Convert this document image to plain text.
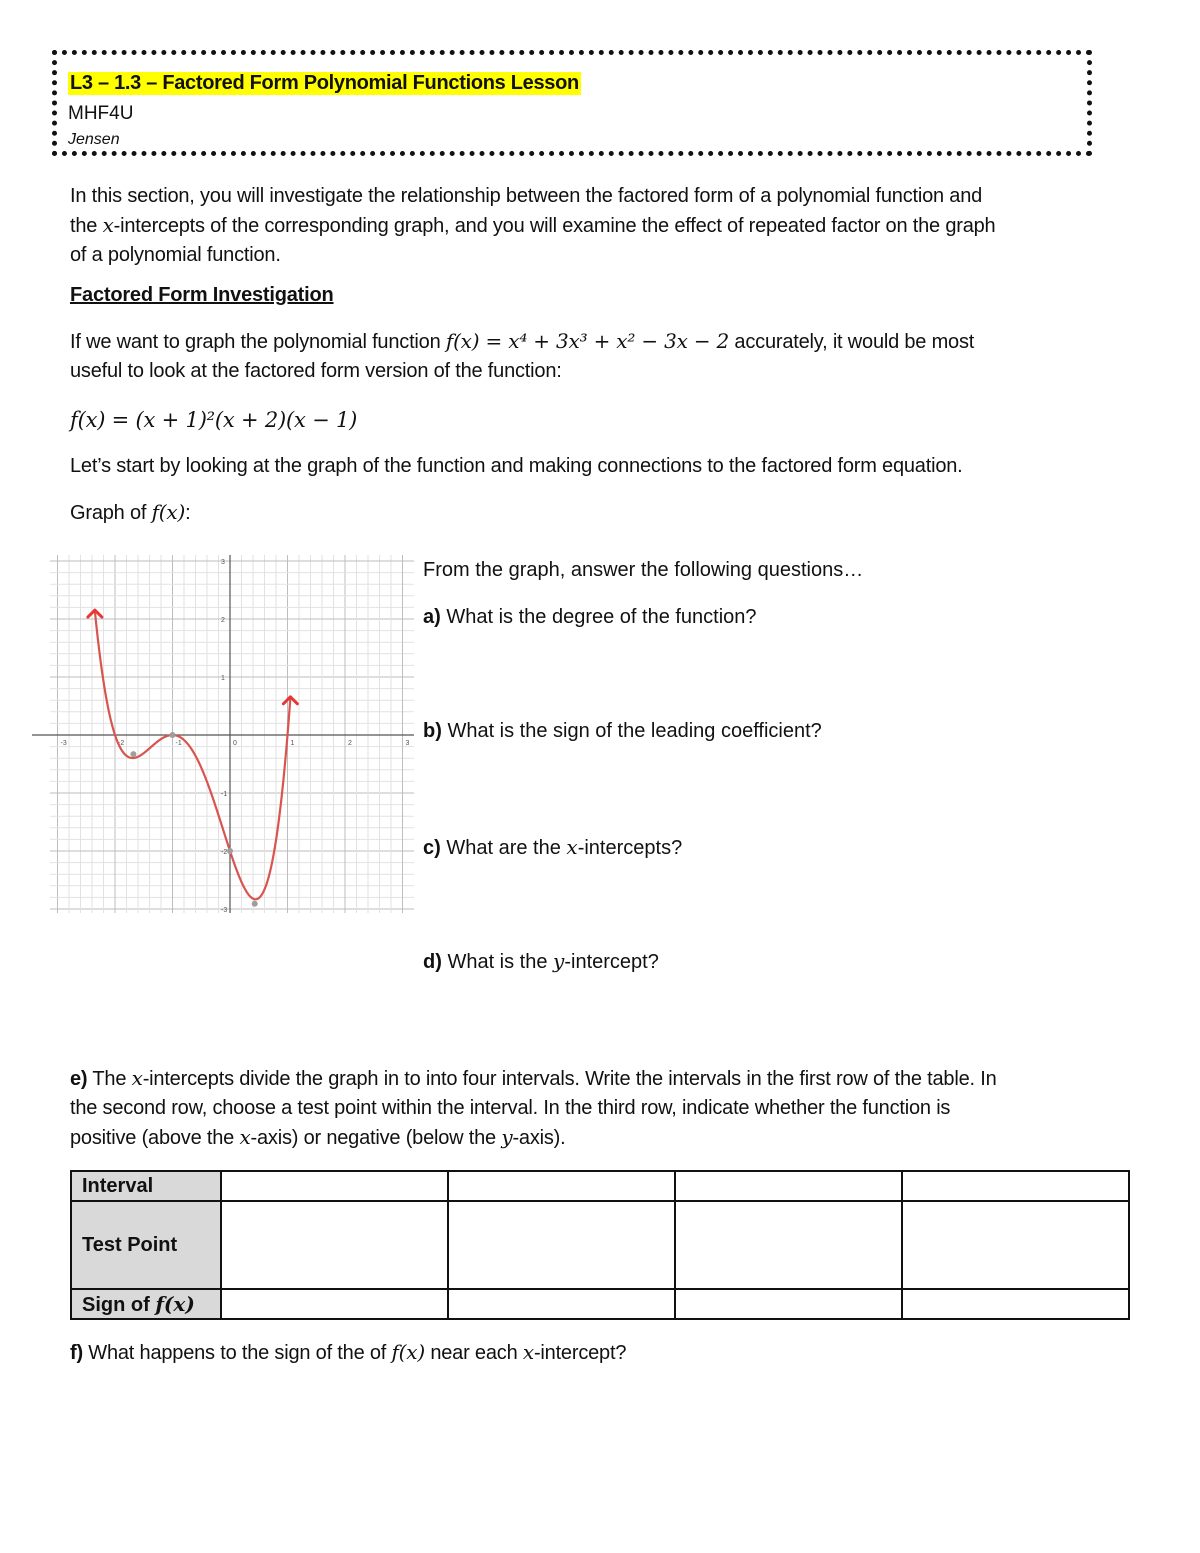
L3 – 1.3 – Factored Form Polynomial Functions Lesson
MHF4U
Jensen
In this section, you will investigate the relationship between the factored form of a polynomial function and
the x-intercepts of the corresponding graph, and you will examine the effect of repeated factor on the graph
of a polynomial function.
Factored Form Investigation
If we want to graph the polynomial function f(x) = x⁴ + 3x³ + x² − 3x − 2 accurately, it would be most
useful to look at the factored form version of the function:
f(x) = (x + 1)²(x + 2)(x − 1)
Let’s start by looking at the graph of the function and making connections to the factored form equation.
Graph of f(x):
-3	-2	-1	0	1	2	3
3
2
1
-1
-2
-3
From the graph, answer the following questions…
a) What is the degree of the function?
b) What is the sign of the leading coefficient?
c) What are the x-intercepts?
d) What is the y-intercept?
e) The x-intercepts divide the graph in to into four intervals. Write the intervals in the first row of the table. In
the second row, choose a test point within the interval. In the third row, indicate whether the function is
positive (above the x-axis) or negative (below the y-axis).
Interval				
Test Point				
Sign of f(x)				
f) What happens to the sign of the of f(x) near each x-intercept?
